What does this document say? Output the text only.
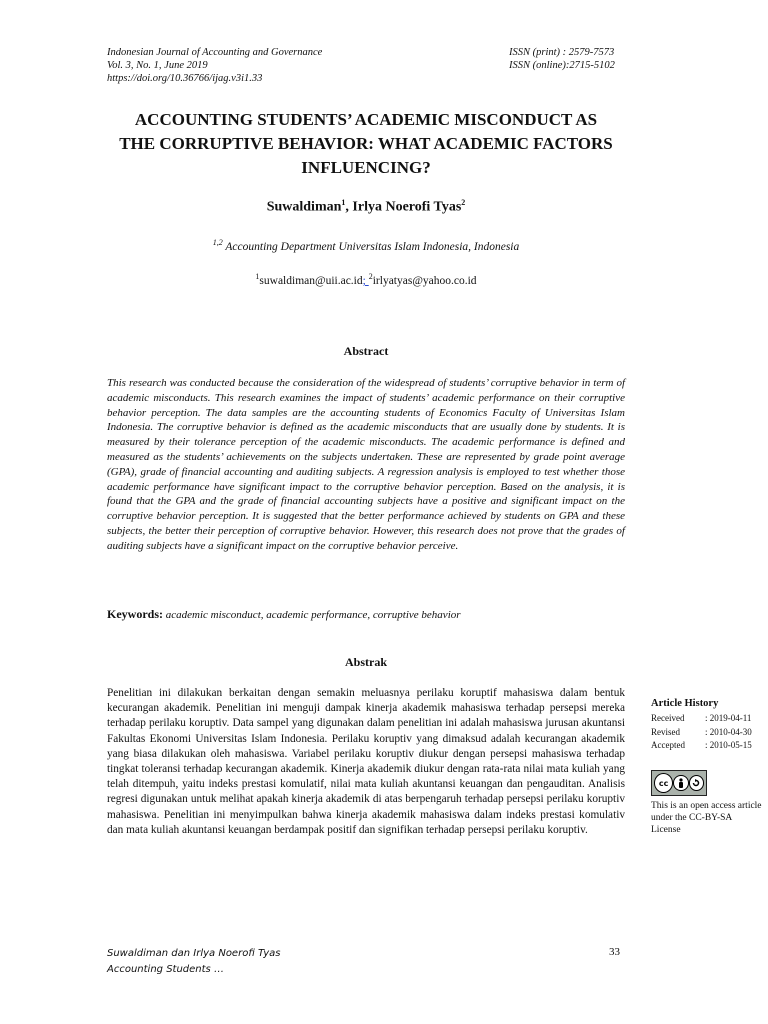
Indonesian Journal of Accounting and Governance
Vol. 3, No. 1, June 2019
https://doi.org/10.36766/ijag.v3i1.33
ISSN (print) : 2579-7573
ISSN (online):2715-5102
ACCOUNTING STUDENTS’ ACADEMIC MISCONDUCT AS
THE CORRUPTIVE BEHAVIOR: WHAT ACADEMIC FACTORS
INFLUENCING?
Suwaldiman$^1$, Irlya Noerofi Tyas$^2$
$^{1,2}$ Accounting Department Universitas Islam Indonesia, Indonesia
$^1$suwaldiman@uii.ac.id; $^2$irlyatyas@yahoo.co.id
Abstract
This research was conducted because the consideration of the widespread of students’ corruptive behavior in term of academic misconducts. This research examines the impact of students’ academic performance on their corruptive behavior perception. The data samples are the accounting students of Economics Faculty of Universitas Islam Indonesia. The corruptive behavior is defined as the academic misconducts that are usually done by students. It is measured by their tolerance perception of the academic misconducts. The academic performance is defined and measured as the students’ achievements on the subjects undertaken. These are represented by grade point average (GPA), grade of financial accounting and auditing subjects. A regression analysis is employed to test whether those academic performance have significant impact to the corruptive behavior perception. Based on the analysis, it is found that the GPA and the grade of financial accounting subjects have a positive and significant impact on the corruptive behavior perception. It is suggested that the better performance achieved by students on GPA and these subjects, the better their perception of corruptive behavior. However, this research does not prove that the grades of auditing subjects have a significant impact on the corruptive behavior perceive.
Keywords: academic misconduct, academic performance, corruptive behavior
Abstrak
Penelitian ini dilakukan berkaitan dengan semakin meluasnya perilaku koruptif mahasiswa dalam bentuk kecurangan akademik. Penelitian ini menguji dampak kinerja akademik mahasiswa terhadap persepsi mereka terhadap perilaku koruptiv. Data sampel yang digunakan dalam penelitian ini adalah mahasiswa jurusan akuntansi Fakultas Ekonomi Universitas Islam Indonesia. Perilaku koruptiv yang dimaksud adalah kecurangan akademik yang biasa dilakukan oleh mahasiswa. Variabel perilaku koruptiv diukur dengan persepsi mahasiswa terhadap tingkat toleransi terhadap kecurangan akademik. Kinerja akademik diukur dengan rata-rata nilai mata kuliah yang telah ditempuh, yaitu indeks prestasi komulatif, nilai mata kuliah akuntansi keuangan dan pengauditan. Analisis regresi digunakan untuk melihat apakah kinerja akademik di atas berpengaruh terhadap persepsi perilaku koruptiv mahasiswa. Penelitian ini menyimpulkan bahwa kinerja akademik mahasiswa dalam indeks prestasi komulativ dan mata kuliah akuntansi keuangan berdampak positif dan signifikan terhadap persepsi perilaku koruptiv.
Article History
Received	: 2019-04-11
Revised	: 2010-04-30
Accepted	: 2010-05-15
cc
This is an open access article under the CC-BY-SA License
Suwaldiman dan Irlya Noerofi Tyas
Accounting Students …
33
